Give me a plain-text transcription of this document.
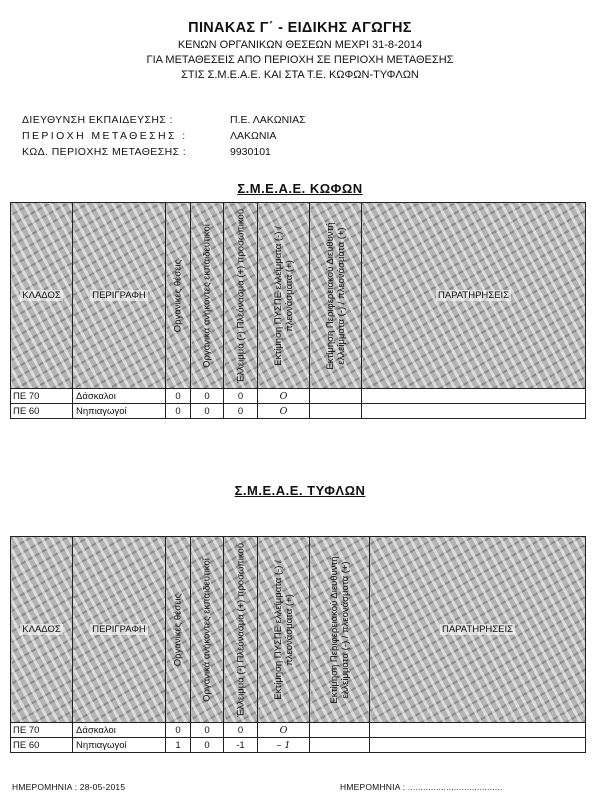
ΠΙΝΑΚΑΣ Γ΄ - ΕΙΔΙΚΗΣ ΑΓΩΓΗΣ
ΚΕΝΩΝ ΟΡΓΑΝΙΚΩΝ ΘΕΣΕΩΝ ΜΕΧΡΙ 31-8-2014
ΓΙΑ ΜΕΤΑΘΕΣΕΙΣ ΑΠΟ ΠΕΡΙΟΧΗ ΣΕ ΠΕΡΙΟΧΗ ΜΕΤΑΘΕΣΗΣ
ΣΤΙΣ Σ.Μ.Ε.Α.Ε. ΚΑΙ ΣΤΑ Τ.Ε. ΚΩΦΩΝ-ΤΥΦΛΩΝ
ΔΙΕΥΘΥΝΣΗ ΕΚΠΑΙΔΕΥΣΗΣ :	Π.Ε. ΛΑΚΩΝΙΑΣ
ΠΕΡΙΟΧΗ ΜΕΤΑΘΕΣΗΣ :	ΛΑΚΩΝΙΑ
ΚΩΔ. ΠΕΡΙΟΧΗΣ ΜΕΤΑΘΕΣΗΣ :	9930101
Σ.Μ.Ε.Α.Ε. ΚΩΦΩΝ
ΚΛΑΔΟΣ	ΠΕΡΙΓΡΑΦΗ	Οργανικές θέσεις	Οργανικά ανήκοντες εκπαιδευτικοί	Έλλειμμα (-) Πλεόνασμα (+) προσωπικού	Εκτίμηση ΠΥΣΠΕ ελλείμματα (-) / πλεονάσματα (+)	Εκτίμηση Περιφερειακού Διευθυντή ελλείμματα (-) / πλεονάσματα (+)	ΠΑΡΑΤΗΡΗΣΕΙΣ
ΠΕ 70	Δάσκαλοι	0	0	0	O		
ΠΕ 60	Νηπιαγωγοί	0	0	0	O		
Σ.Μ.Ε.Α.Ε. ΤΥΦΛΩΝ
ΚΛΑΔΟΣ	ΠΕΡΙΓΡΑΦΗ	Οργανικές θέσεις	Οργανικά ανήκοντες εκπαιδευτικοί	Έλλειμμα (-) Πλεόνασμα (+) προσωπικού	Εκτίμηση ΠΥΣΠΕ ελλείμματα (-) / πλεονάσματα (+)	Εκτίμηση Περιφερειακού Διευθυντή ελλείμματα (-) / πλεονάσματα (+)	ΠΑΡΑΤΗΡΗΣΕΙΣ
ΠΕ 70	Δάσκαλοι	0	0	0	O		
ΠΕ 60	Νηπιαγωγοί	1	0	-1	– 1		
ΗΜΕΡΟΜΗΝΙΑ : 28-05-2015	ΗΜΕΡΟΜΗΝΙΑ : .....................................
